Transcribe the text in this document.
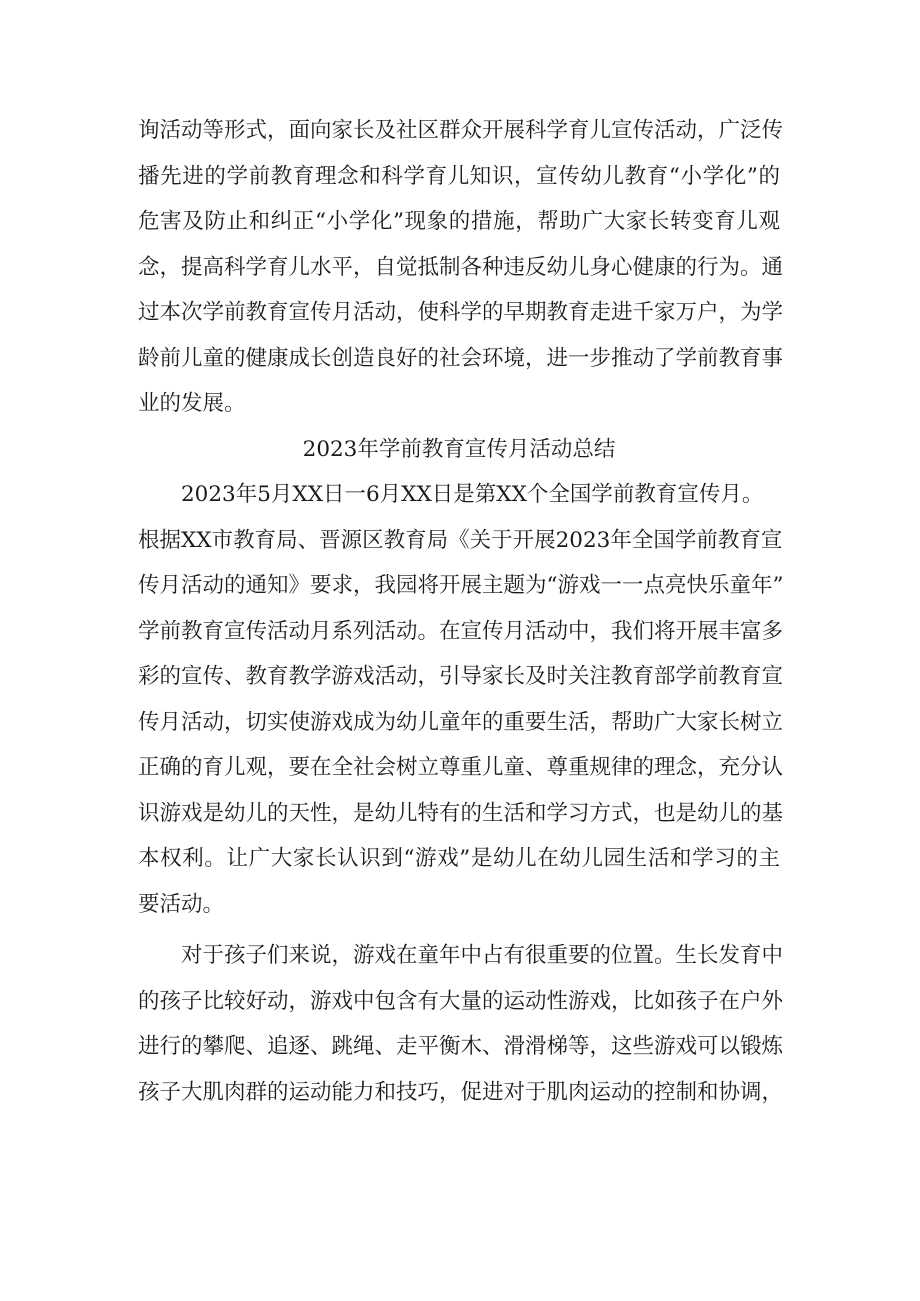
询活动等形式，面向家长及社区群众开展科学育儿宣传活动，广泛传
播先进的学前教育理念和科学育儿知识，宣传幼儿教育“小学化”的
危害及防止和纠正“小学化”现象的措施，帮助广大家长转变育儿观
念，提高科学育儿水平，自觉抵制各种违反幼儿身心健康的行为。通
过本次学前教育宣传月活动，使科学的早期教育走进千家万户，为学
龄前儿童的健康成长创造良好的社会环境，进一步推动了学前教育事
业的发展。
2023年学前教育宣传月活动总结
2023年5月XX日一6月XX日是第XX个全国学前教育宣传月。
根据XX市教育局、晋源区教育局《关于开展2023年全国学前教育宣
传月活动的通知》要求，我园将开展主题为“游戏一一点亮快乐童年”
学前教育宣传活动月系列活动。在宣传月活动中，我们将开展丰富多
彩的宣传、教育教学游戏活动，引导家长及时关注教育部学前教育宣
传月活动，切实使游戏成为幼儿童年的重要生活，帮助广大家长树立
正确的育儿观，要在全社会树立尊重儿童、尊重规律的理念，充分认
识游戏是幼儿的天性，是幼儿特有的生活和学习方式，也是幼儿的基
本权利。让广大家长认识到“游戏”是幼儿在幼儿园生活和学习的主
要活动。
对于孩子们来说，游戏在童年中占有很重要的位置。生长发育中
的孩子比较好动，游戏中包含有大量的运动性游戏，比如孩子在户外
进行的攀爬、追逐、跳绳、走平衡木、滑滑梯等，这些游戏可以锻炼
孩子大肌肉群的运动能力和技巧，促进对于肌肉运动的控制和协调，
